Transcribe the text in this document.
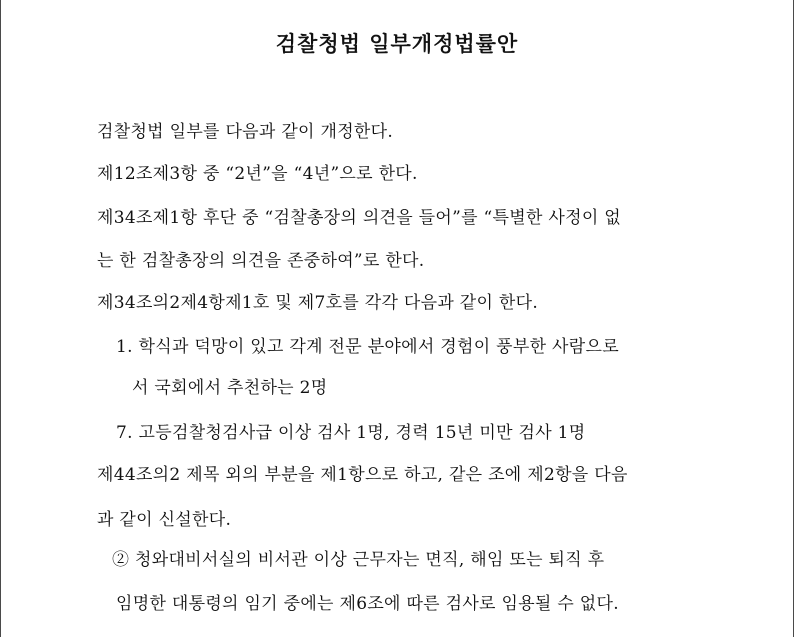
검찰청법 일부개정법률안
검찰청법 일부를 다음과 같이 개정한다.
제12조제3항 중 “2년”을 “4년”으로 한다.
제34조제1항 후단 중 “검찰총장의 의견을 들어”를 “특별한 사정이 없
는 한 검찰총장의 의견을 존중하여”로 한다.
제34조의2제4항제1호 및 제7호를 각각 다음과 같이 한다.
1. 학식과 덕망이 있고 각계 전문 분야에서 경험이 풍부한 사람으로
서 국회에서 추천하는 2명
7. 고등검찰청검사급 이상 검사 1명, 경력 15년 미만 검사 1명
제44조의2 제목 외의 부분을 제1항으로 하고, 같은 조에 제2항을 다음
과 같이 신설한다.
② 청와대비서실의 비서관 이상 근무자는 면직, 해임 또는 퇴직 후
임명한 대통령의 임기 중에는 제6조에 따른 검사로 임용될 수 없다.
